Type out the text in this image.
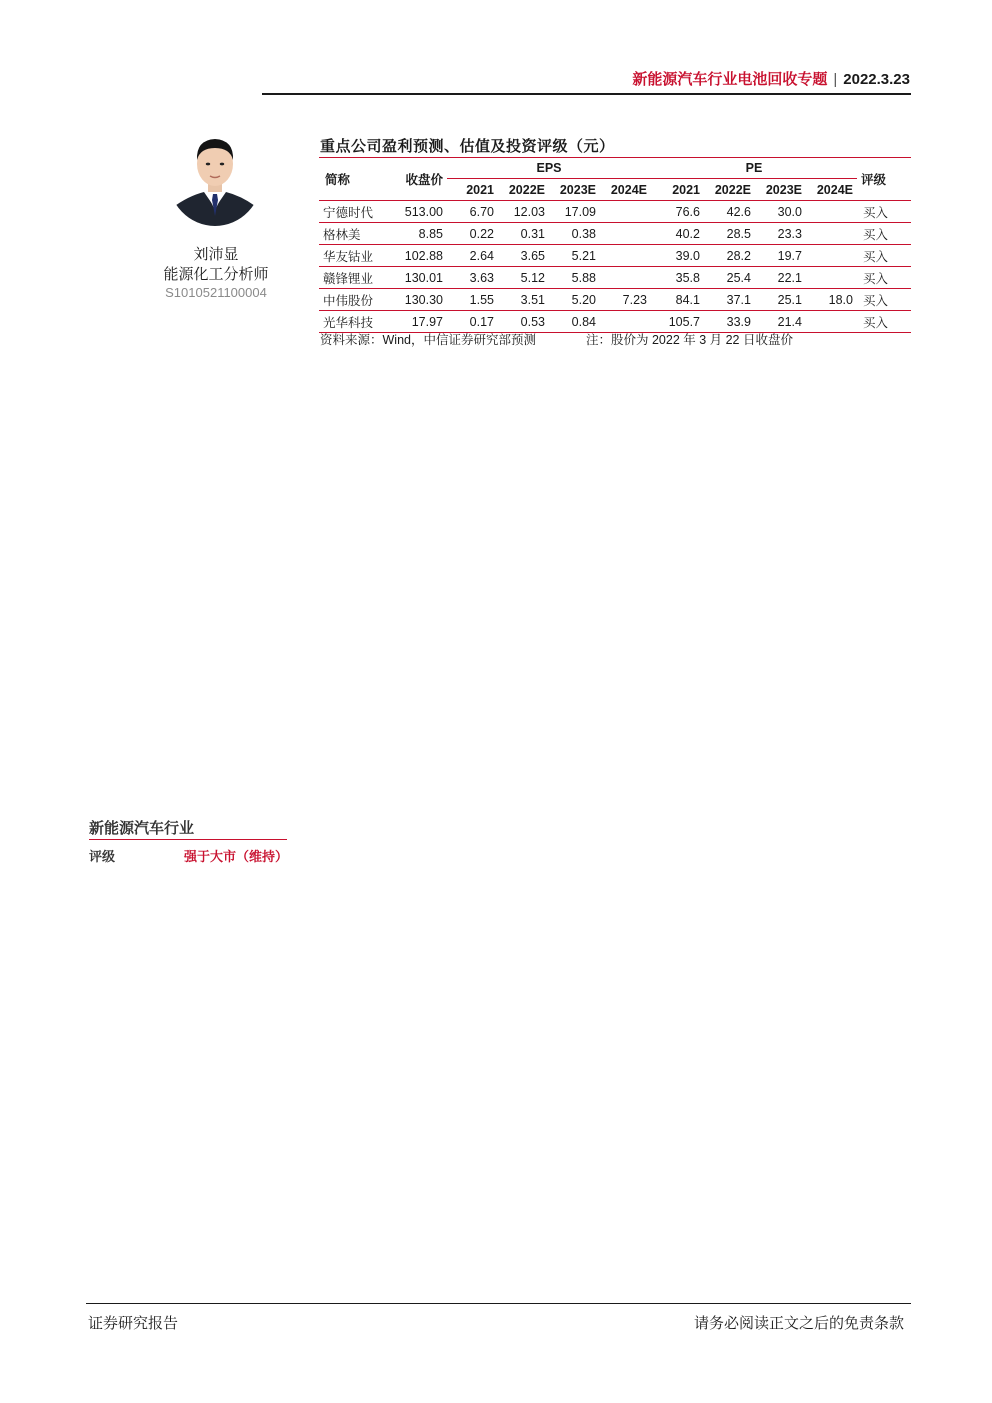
新能源汽车行业电池回收专题 | 2022.3.23
刘沛显
能源化工分析师
S1010521100004
重点公司盈利预测、估值及投资评级（元）
简称	收盘价	EPS				PE				评级
		2021	2022E	2023E	2024E	2021	2022E	2023E	2024E	
宁德时代	513.00	6.70	12.03	17.09		76.6	42.6	30.0		买入
格林美	8.85	0.22	0.31	0.38		40.2	28.5	23.3		买入
华友钴业	102.88	2.64	3.65	5.21		39.0	28.2	19.7		买入
赣锋锂业	130.01	3.63	5.12	5.88		35.8	25.4	22.1		买入
中伟股份	130.30	1.55	3.51	5.20	7.23	84.1	37.1	25.1	18.0	买入
光华科技	17.97	0.17	0.53	0.84		105.7	33.9	21.4		买入
资料来源：Wind，中信证券研究部预测	注：股价为 2022 年 3 月 22 日收盘价
新能源汽车行业
评级	强于大市（维持）
证券研究报告	请务必阅读正文之后的免责条款
